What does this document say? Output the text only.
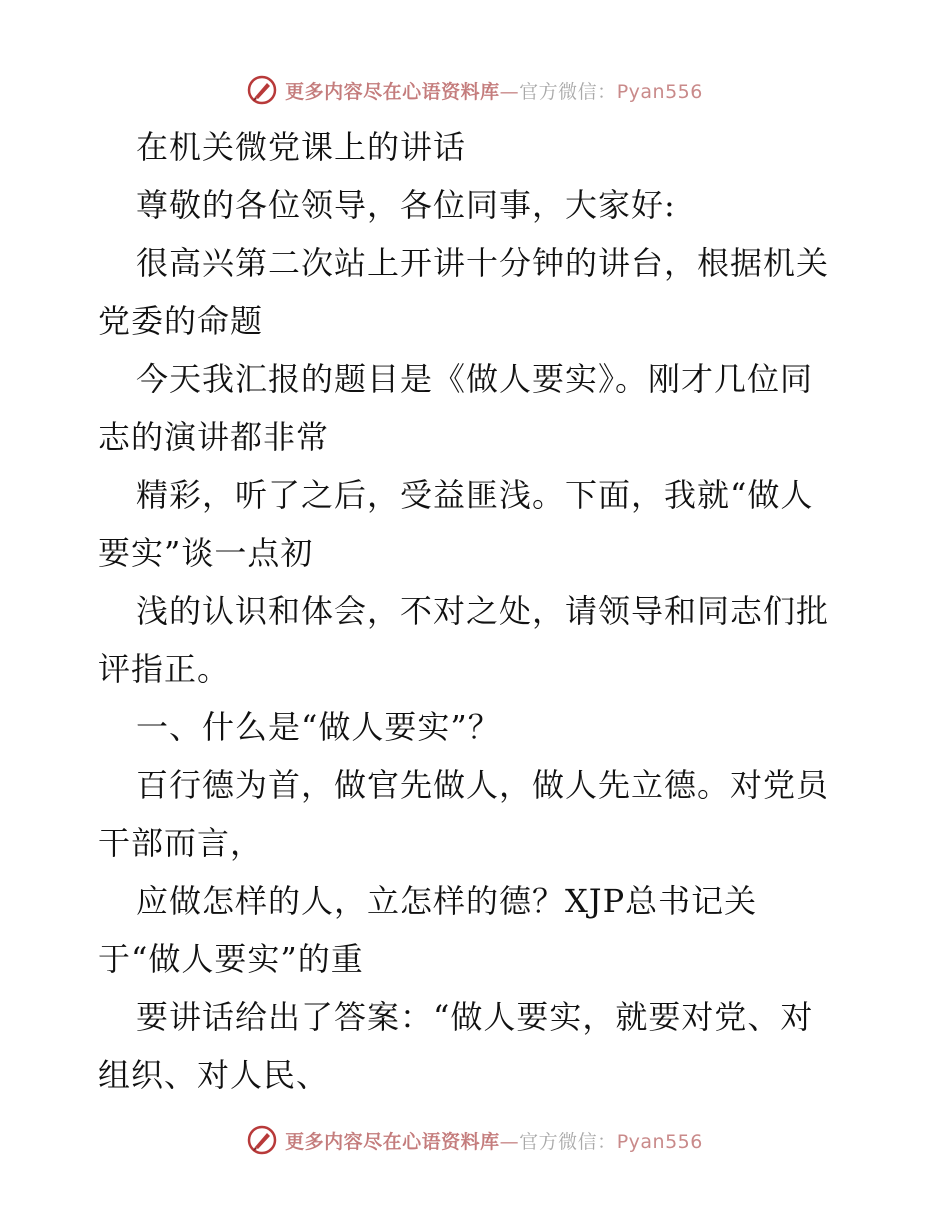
更多内容尽在心语资料库—官方微信：Pyan556
在机关微党课上的讲话
尊敬的各位领导，各位同事，大家好:
很高兴第二次站上开讲十分钟的讲台，根据机关
党委的命题
今天我汇报的题目是《做人要实》。刚才几位同
志的演讲都非常
精彩，听了之后，受益匪浅。下面，我就“做人
要实”谈一点初
浅的认识和体会，不对之处，请领导和同志们批
评指正。
一、什么是“做人要实”？
百行德为首，做官先做人，做人先立德。对党员
干部而言，
应做怎样的人，立怎样的德？XJP总书记关
于“做人要实”的重
要讲话给出了答案：“做人要实，就要对党、对
组织、对人民、
更多内容尽在心语资料库—官方微信：Pyan556
